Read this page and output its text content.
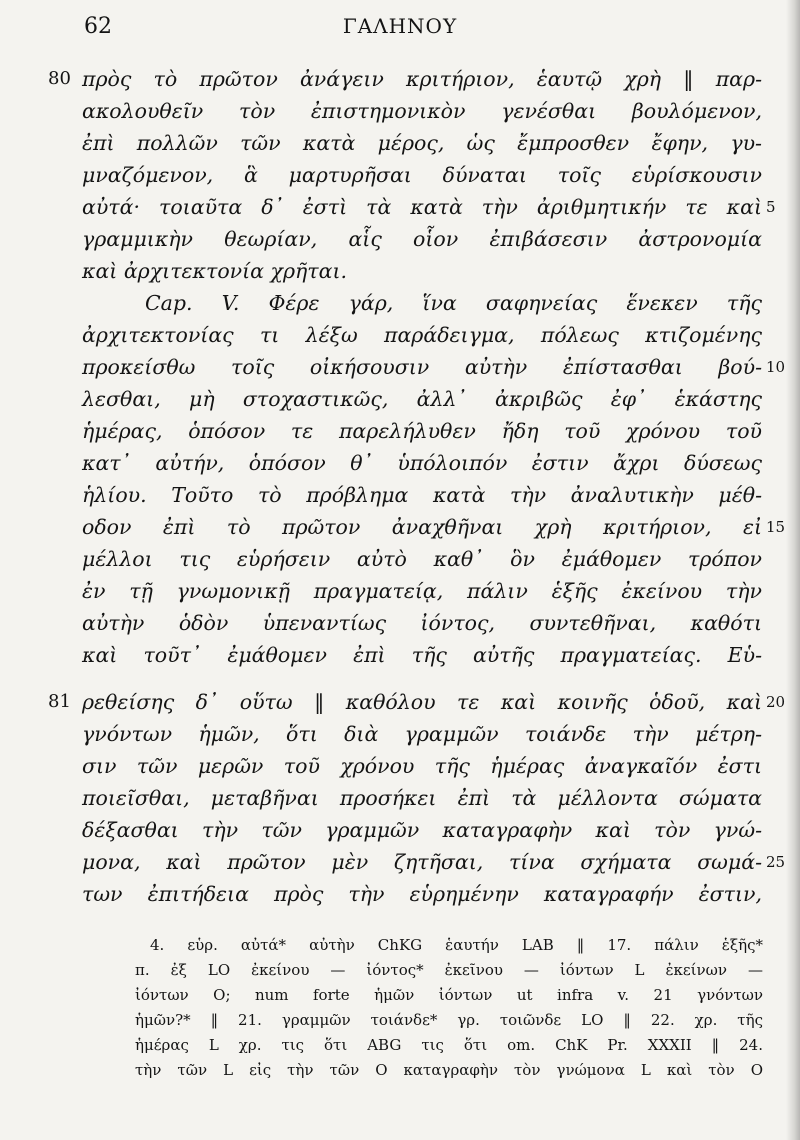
62	ΓΑΛΗΝΟΥ
80
81
πρὸς τὸ πρῶτον ἀνάγειν κριτήριον, ἑαυτῷ χρὴ ‖ παρ-
ακολουθεῖν τὸν ἐπιστημονικὸν γενέσθαι βουλόμενον,
ἐπὶ πολλῶν τῶν κατὰ μέρος, ὡς ἔμπροσθεν ἔφην, γυ-
μναζόμενον, ἃ μαρτυρῆσαι δύναται τοῖς εὑρίσκουσιν
αὐτά· τοιαῦτα δ᾽ ἐστὶ τὰ κατὰ τὴν ἀριθμητικήν τε καὶ
γραμμικὴν θεωρίαν, αἷς οἷον ἐπιβάσεσιν ἀστρονομία
καὶ ἀρχιτεκτονία χρῆται.
Cap. V. Φέρε γάρ, ἵνα σαφηνείας ἕνεκεν τῆς
ἀρχιτεκτονίας τι λέξω παράδειγμα, πόλεως κτιζομένης
προκείσθω τοῖς οἰκήσουσιν αὐτὴν ἐπίστασθαι βού-
λεσθαι, μὴ στοχαστικῶς, ἀλλ᾽ ἀκριβῶς ἐφ᾽ ἑκάστης
ἡμέρας, ὁπόσον τε παρελήλυθεν ἤδη τοῦ χρόνου τοῦ
κατ᾽ αὐτήν, ὁπόσον θ᾽ ὑπόλοιπόν ἐστιν ἄχρι δύσεως
ἡλίου. Τοῦτο τὸ πρόβλημα κατὰ τὴν ἀναλυτικὴν μέθ-
οδον ἐπὶ τὸ πρῶτον ἀναχθῆναι χρὴ κριτήριον, εἰ
μέλλοι τις εὑρήσειν αὐτὸ καθ᾽ ὃν ἐμάθομεν τρόπον
ἐν τῇ γνωμονικῇ πραγματείᾳ, πάλιν ἑξῆς ἐκείνου τὴν
αὐτὴν ὁδὸν ὑπεναντίως ἰόντος, συντεθῆναι, καθότι
καὶ τοῦτ᾽ ἐμάθομεν ἐπὶ τῆς αὐτῆς πραγματείας. Εὑ-
ρεθείσης δ᾽ οὕτω ‖ καθόλου τε καὶ κοινῆς ὁδοῦ, καὶ
γνόντων ἡμῶν, ὅτι διὰ γραμμῶν τοιάνδε τὴν μέτρη-
σιν τῶν μερῶν τοῦ χρόνου τῆς ἡμέρας ἀναγκαῖόν ἐστι
ποιεῖσθαι, μεταβῆναι προσήκει ἐπὶ τὰ μέλλοντα σώματα
δέξασθαι τὴν τῶν γραμμῶν καταγραφὴν καὶ τὸν γνώ-
μονα, καὶ πρῶτον μὲν ζητῆσαι, τίνα σχήματα σωμά-
των ἐπιτήδεια πρὸς τὴν εὑρημένην καταγραφήν ἐστιν,
5
10
15
20
25
4. εὑρ. αὐτά* αὐτὴν ChKG ἑαυτήν LAB ‖ 17. πάλιν ἑξῆς*
π. ἐξ LO ἐκείνου — ἰόντος* ἐκεῖνου — ἰόντων L ἐκείνων —
ἰόντων O; num forte ἡμῶν ἰόντων ut infra v. 21 γνόντων
ἡμῶν?* ‖ 21. γραμμῶν τοιάνδε* γρ. τοιῶνδε LO ‖ 22. χρ. τῆς
ἡμέρας L χρ. τις ὅτι ABG τις ὅτι om. ChK Pr. XXXII ‖ 24.
τὴν τῶν L εἰς τὴν τῶν O καταγραφὴν τὸν γνώμονα L καὶ τὸν O
